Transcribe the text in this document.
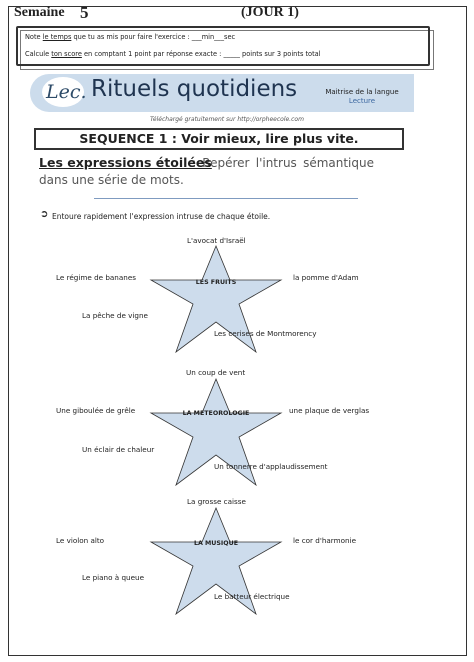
Semaine 5	(JOUR 1)
Note le temps que tu as mis pour faire l'exercice : ___min___sec
Calcule ton score en comptant 1 point par réponse exacte : _____ points sur 3 points total
Lec. Rituels quotidiens	Maitrise de la langue
Lecture
Téléchargé gratuitement sur http://orpheecole.com
SEQUENCE 1 : Voir mieux, lire plus vite.
: Repérer l'intrus sémantique dans une série de mots.
Les expressions étoilées
➲ Entoure rapidement l'expression intruse de chaque étoile.
LES FRUITS
L'avocat d'Israël
Le régime de bananes	la pomme d'Adam
La pêche de vigne
Les cerises de Montmorency
LA METEOROLOGIE
Un coup de vent
Une giboulée de grêle	une plaque de verglas
Un éclair de chaleur
Un tonnerre d'applaudissement
LA MUSIQUE
La grosse caisse
Le violon alto	le cor d'harmonie
Le piano à queue
Le batteur électrique
